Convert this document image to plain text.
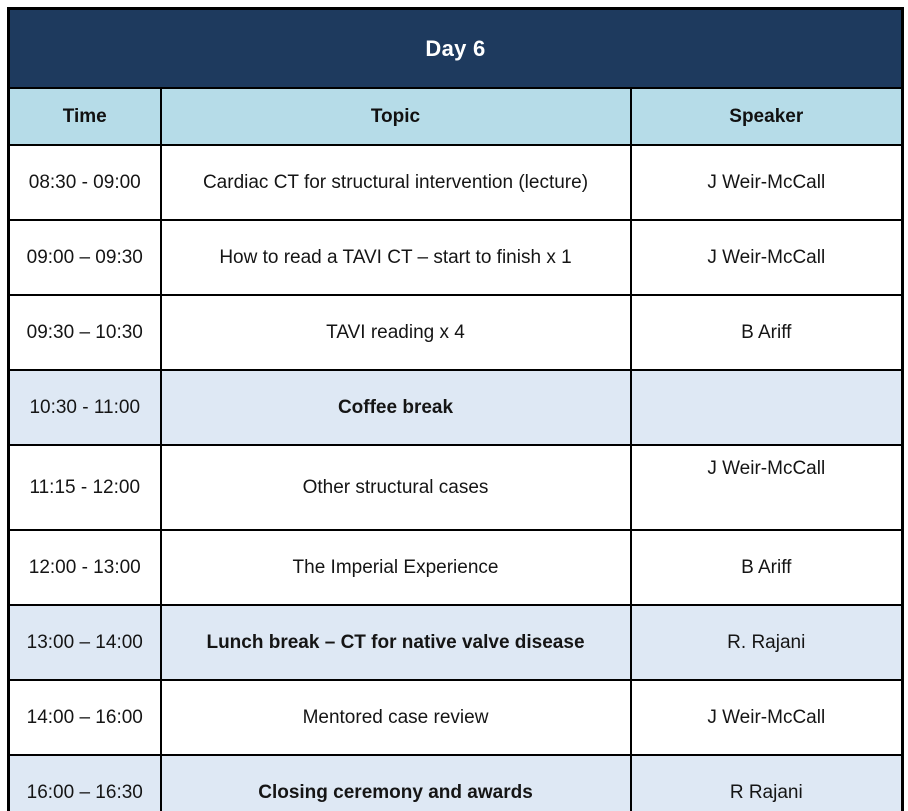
Day 6		
Time	Topic	Speaker
08:30 - 09:00	Cardiac CT for structural intervention (lecture)	J Weir-McCall
09:00 – 09:30	How to read a TAVI CT – start to finish x 1	J Weir-McCall
09:30 – 10:30	TAVI reading x 4	B Ariff
10:30 - 11:00	Coffee break	
11:15 - 12:00	Other structural cases	J Weir-McCall
12:00 - 13:00	The Imperial Experience	B Ariff
13:00 – 14:00	Lunch break – CT for native valve disease	R. Rajani
14:00 – 16:00	Mentored case review	J Weir-McCall
16:00 – 16:30	Closing ceremony and awards	R Rajani
